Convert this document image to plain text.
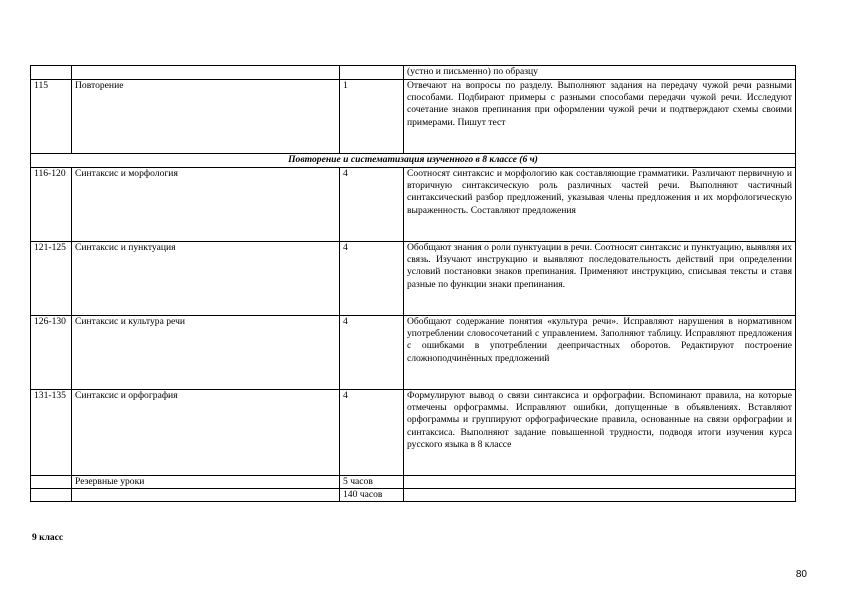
			(устно и письменно) по образцу
115	Повторение	1	Отвечают на вопросы по разделу. Выполняют задания на передачу чужой речи разными способами. Подбирают примеры с разными способами передачи чужой речи. Исследуют сочетание знаков препинания при оформлении чужой речи и подтверждают схемы своими примерами. Пишут тест
Повторение и систематизация изученного в 8 классе (6 ч)			
116-120	Синтаксис и морфология	4	Соотносят синтаксис и морфологию как составляющие грамматики. Различают первичную и вторичную синтаксическую роль различных частей речи. Выполняют частичный синтаксический разбор предложений, указывая члены предложения и их морфологическую выраженность. Составляют предложения
121-125	Синтаксис и пунктуация	4	Обобщают знания о роли пунктуации в речи. Соотносят синтаксис и пунктуацию, выявляя их связь. Изучают инструкцию и выявляют последовательность действий при определении условий постановки знаков препинания. Применяют инструкцию, списывая тексты и ставя разные по функции знаки препинания.
126-130	Синтаксис и культура речи	4	Обобщают содержание понятия «культура речи». Исправляют нарушения в нормативном употреблении словосочетаний с управлением. Заполняют таблицу. Исправляют предложения с ошибками в употреблении деепричастных оборотов. Редактируют построение сложноподчинённых предложений
131-135	Синтаксис и орфография	4	Формулируют вывод о связи синтаксиса и орфографии. Вспоминают правила, на которые отмечены орфограммы. Исправляют ошибки, допущенные в объявлениях. Вставляют орфограммы и группируют орфографические правила, основанные на связи орфографии и синтаксиса. Выполняют задание повышенной трудности, подводя итоги изучения курса русского языка в 8 классе
	Резервные уроки	5 часов	
		140 часов	
9 класс
80
